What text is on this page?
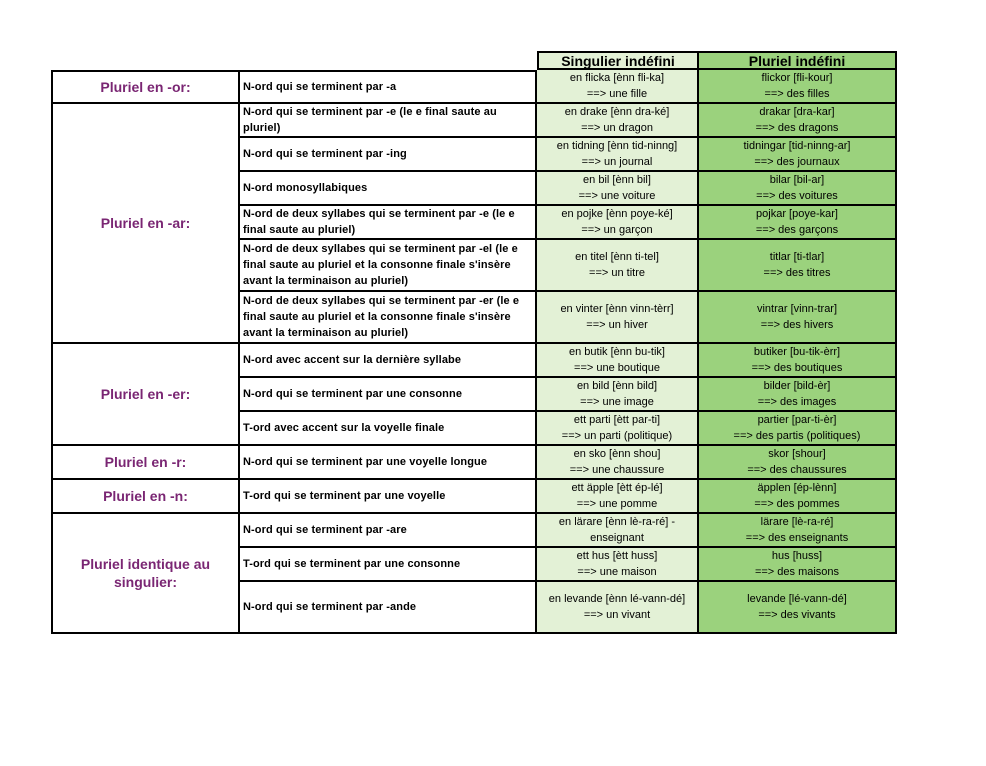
Singulier indéfini	Pluriel indéfini
Pluriel en -or:
Pluriel en -ar:
Pluriel en -er:
Pluriel en -r:
Pluriel en -n:
Pluriel identique au singulier:
N-ord qui se terminent par -a
en flicka [ènn fli-ka]
==> une fille
flickor [fli-kour]
==> des filles
N-ord qui se terminent par -e (le e final saute au pluriel)
en drake [ènn dra-ké]
==> un dragon
drakar [dra-kar]
==> des dragons
N-ord qui se terminent par -ing
en tidning [ènn tid-ninng]
==> un journal
tidningar [tid-ninng-ar]
==> des journaux
N-ord monosyllabiques
en bil [ènn bil]
==> une voiture
bilar [bil-ar]
==> des voitures
N-ord de deux syllabes qui se terminent par -e (le e final saute au pluriel)
en pojke [ènn poye-ké]
==> un garçon
pojkar [poye-kar]
==> des garçons
N-ord de deux syllabes qui se terminent par -el (le e final saute au pluriel et la consonne finale s'insère avant la terminaison au pluriel)
en titel [ènn ti-tel]
==> un titre
titlar [ti-tlar]
==> des titres
N-ord de deux syllabes qui se terminent par -er (le e final saute au pluriel et la consonne finale s'insère avant la terminaison au pluriel)
en vinter [ènn vinn-tèrr]
==> un hiver
vintrar [vinn-trar]
==> des hivers
N-ord avec accent sur la dernière syllabe
en butik [ènn bu-tik]
==> une boutique
butiker [bu-tik-èrr]
==> des boutiques
N-ord qui se terminent par une consonne
en bild [ènn bild]
==> une image
bilder [bild-èr]
==> des images
T-ord avec accent sur la voyelle finale
ett parti [ètt par-ti]
==> un parti (politique)
partier [par-ti-èr]
==> des partis (politiques)
N-ord qui se terminent par une voyelle longue
en sko [ènn shou]
==> une chaussure
skor [shour]
==> des chaussures
T-ord qui se terminent par une voyelle
ett äpple [ètt ép-lé]
==> une pomme
äpplen [ép-lènn]
==> des pommes
N-ord qui se terminent par -are
en lärare [ènn lè-ra-ré] -
enseignant
lärare [lè-ra-ré]
==> des enseignants
T-ord qui se terminent par une consonne
ett hus [ètt huss]
==> une maison
hus [huss]
==> des maisons
N-ord qui se terminent par -ande
en levande [ènn lé-vann-dé]
==> un vivant
levande [lé-vann-dé]
==> des vivants
